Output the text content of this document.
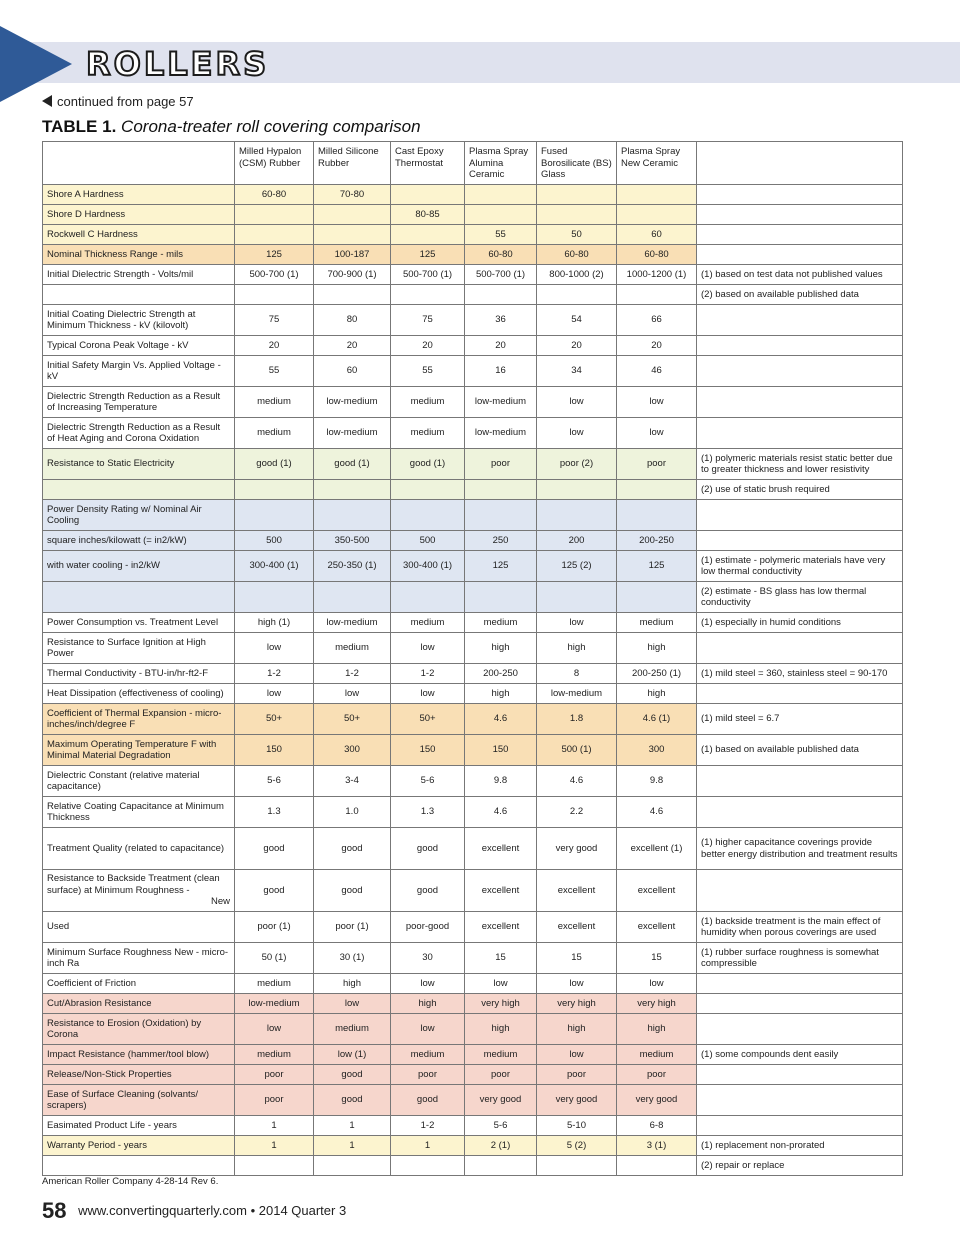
ROLLERS
continued from page 57
TABLE 1. Corona-treater roll covering comparison
	Milled Hypalon (CSM) Rubber	Milled Silicone Rubber	Cast Epoxy Thermostat	Plasma Spray Alumina Ceramic	Fused Borosilicate (BS) Glass	Plasma Spray New Ceramic	
Shore A Hardness	60-80	70-80					
Shore D Hardness			80-85				
Rockwell C Hardness				55	50	60	
Nominal Thickness Range - mils	125	100-187	125	60-80	60-80	60-80	
Initial Dielectric Strength - Volts/mil	500-700 (1)	700-900 (1)	500-700 (1)	500-700 (1)	800-1000 (2)	1000-1200 (1)	(1) based on test data not published values
							(2) based on available published data
Initial Coating Dielectric Strength at Minimum Thickness - kV (kilovolt)	75	80	75	36	54	66	
Typical Corona Peak Voltage - kV	20	20	20	20	20	20	
Initial Safety Margin Vs. Applied Voltage - kV	55	60	55	16	34	46	
Dielectric Strength Reduction as a Result of Increasing Temperature	medium	low-medium	medium	low-medium	low	low	
Dielectric Strength Reduction as a Result of Heat Aging and Corona Oxidation	medium	low-medium	medium	low-medium	low	low	
Resistance to Static Electricity	good (1)	good (1)	good (1)	poor	poor (2)	poor	(1) polymeric materials resist static better due to greater thickness and lower resistivity
							(2) use of static brush required
Power Density Rating w/ Nominal Air Cooling							
square inches/kilowatt (= in2/kW)	500	350-500	500	250	200	200-250	
with water cooling - in2/kW	300-400 (1)	250-350 (1)	300-400 (1)	125	125 (2)	125	(1) estimate - polymeric materials have very low thermal conductivity
							(2) estimate - BS glass has low thermal conductivity
Power Consumption vs. Treatment Level	high (1)	low-medium	medium	medium	low	medium	(1) especially in humid conditions
Resistance to Surface Ignition at High Power	low	medium	low	high	high	high	
Thermal Conductivity - BTU-in/hr-ft2-F	1-2	1-2	1-2	200-250	8	200-250 (1)	(1) mild steel = 360, stainless steel = 90-170
Heat Dissipation (effectiveness of cooling)	low	low	low	high	low-medium	high	
Coefficient of Thermal Expansion - micro-inches/inch/degree F	50+	50+	50+	4.6	1.8	4.6 (1)	(1) mild steel = 6.7
Maximum Operating Temperature F with Minimal Material Degradation	150	300	150	150	500 (1)	300	(1) based on available published data
Dielectric Constant (relative material capacitance)	5-6	3-4	5-6	9.8	4.6	9.8	
Relative Coating Capacitance at Minimum Thickness	1.3	1.0	1.3	4.6	2.2	4.6	
Treatment Quality (related to capacitance)	good	good	good	excellent	very good	excellent (1)	(1) higher capacitance coverings provide better energy distribution and treatment results

Resistance to Backside Treatment (clean surface) at Minimum Roughness -
New	good	good	good	excellent	excellent	excellent	
Used	poor (1)	poor (1)	poor-good	excellent	excellent	excellent	(1) backside treatment is the main effect of humidity when porous coverings are used
Minimum Surface Roughness New - micro-inch Ra	50 (1)	30 (1)	30	15	15	15	(1) rubber surface roughness is somewhat compressible
Coefficient of Friction	medium	high	low	low	low	low	
Cut/Abrasion Resistance	low-medium	low	high	very high	very high	very high	
Resistance to Erosion (Oxidation) by Corona	low	medium	low	high	high	high	
Impact Resistance (hammer/tool blow)	medium	low (1)	medium	medium	low	medium	(1) some compounds dent easily
Release/Non-Stick Properties	poor	good	poor	poor	poor	poor	
Ease of Surface Cleaning (solvants/ scrapers)	poor	good	good	very good	very good	very good	
Easimated Product Life - years	1	1	1-2	5-6	5-10	6-8	
Warranty Period - years	1	1	1	2 (1)	5 (2)	3 (1)	(1) replacement non-prorated
							(2) repair or replace
American Roller Company 4-28-14 Rev 6.
58 www.convertingquarterly.com • 2014 Quarter 3
